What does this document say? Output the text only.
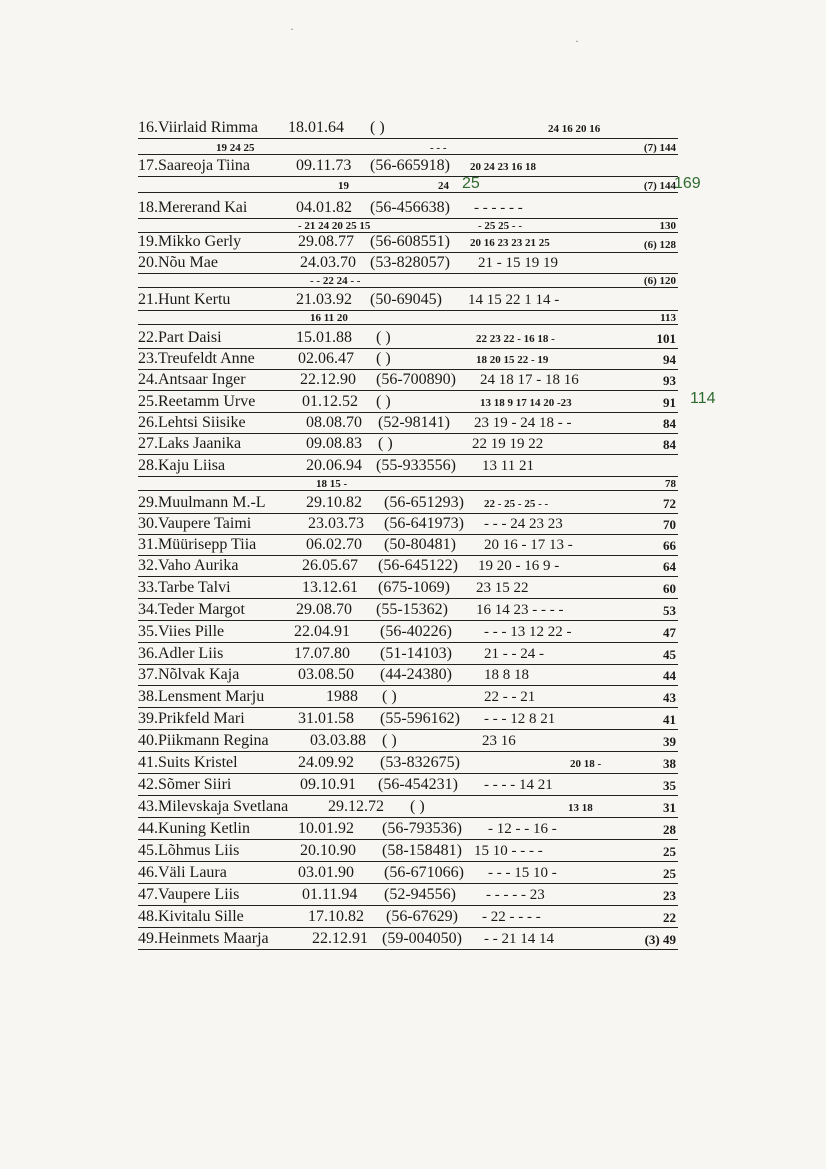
·
·
16.Viirlaid Rimma 18.01.64 ( )	24 16 20 16
19 24 25	- - -	(7) 144
17.Saareoja Tiina	09.11.73 (56-665918) 20 24 23 16 18
19	24	(7) 144
25	169
18.Mererand Kai	04.01.82 (56-456638) - - - - - -
- 21 24 20 25 15	- 25 25 - -	130
19.Mikko Gerly	29.08.77 (56-608551) 20 16 23 23 21 25	(6) 128
20.Nõu Mae	24.03.70 (53-828057) 21 - 15 19 19
- - 22 24 - -	(6) 120
21.Hunt Kertu	21.03.92 (50-69045) 14 15 22 1 14 -
16 11 20	113
22.Part Daisi	15.01.88 ( )	22 23 22 - 16 18 -	101
23.Treufeldt Anne	02.06.47 ( )	18 20 15 22 - 19	94
24.Antsaar Inger	22.12.90 (56-700890) 24 18 17 - 18 16	93
25.Reetamm Urve	01.12.52 ( )	13 18 9 17 14 20 -23	91 114
26.Lehtsi Siisike	08.08.70 (52-98141) 23 19 - 24 18 - -	84
27.Laks Jaanika	09.08.83 ( )	22 19 19 22	84
28.Kaju Liisa	20.06.94 (55-933556) 13 11 21
18 15 -	78
29.Muulmann M.-L	29.10.82 (56-651293) 22 - 25 - 25 - -	72
30.Vaupere Taimi	23.03.73 (56-641973) - - - 24 23 23	70
31.Müürisepp Tiia	06.02.70 (50-80481) 20 16 - 17 13 -	66
32.Vaho Aurika	26.05.67 (56-645122) 19 20 - 16 9 -	64
33.Tarbe Talvi	13.12.61 (675-1069) 23 15 22	60
34.Teder Margot	29.08.70 (55-15362) 16 14 23 - - - -	53
35.Viies Pille	22.04.91 (56-40226) - - - 13 12 22 -	47
36.Adler Liis	17.07.80 (51-14103) 21 - - 24 -	45
37.Nõlvak Kaja	03.08.50 (44-24380) 18 8 18	44
38.Lensment Marju	1988 ( )	22 - - 21	43
39.Prikfeld Mari	31.01.58 (55-596162) - - - 12 8 21	41
40.Piikmann Regina	03.03.88 ( )	23 16	39
41.Suits Kristel	24.09.92 (53-832675)	20 18 -	38
42.Sõmer Siiri	09.10.91 (56-454231) - - - - 14 21	35
43.Milevskaja Svetlana 29.12.72 ( )	13 18	31
44.Kuning Ketlin	10.01.92 (56-793536) - 12 - - 16 -	28
45.Lõhmus Liis	20.10.90 (58-158481) 15 10 - - - -	25
46.Väli Laura	03.01.90 (56-671066) - - - 15 10 -	25
47.Vaupere Liis	01.11.94 (52-94556) - - - - - 23	23
48.Kivitalu Sille	17.10.82 (56-67629) - 22 - - - -	22
49.Heinmets Maarja	22.12.91 (59-004050) - - 21 14 14	(3) 49
